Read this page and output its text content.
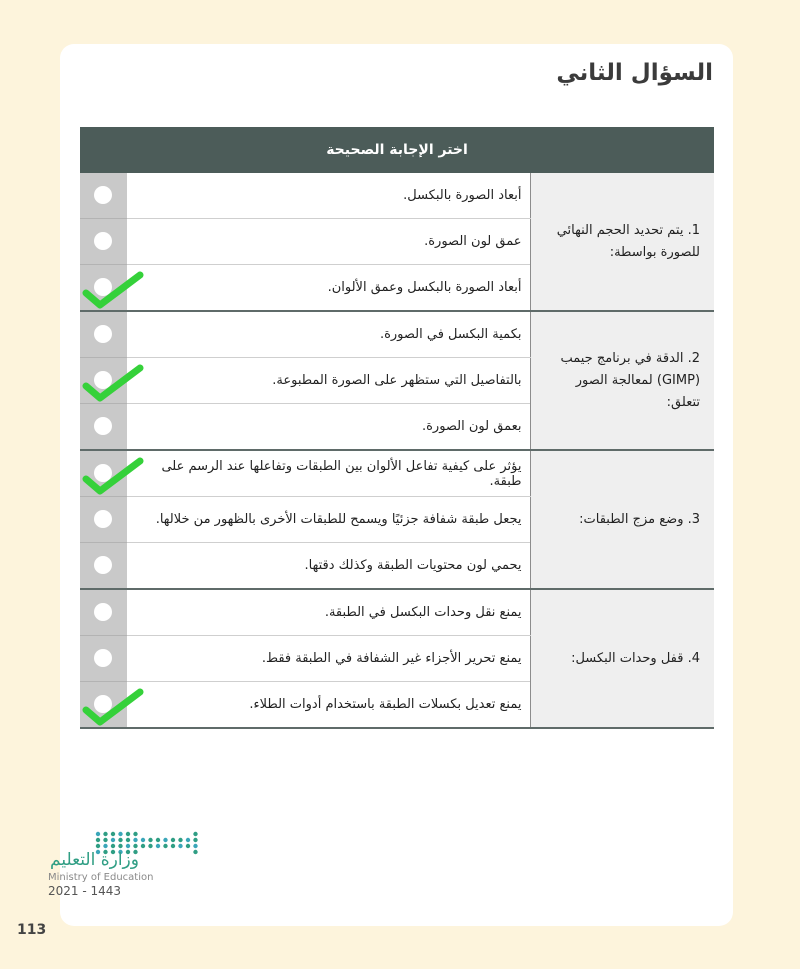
السؤال الثاني
اختر الإجابة الصحيحة		

	أبعاد الصورة بالبكسل.	1. يتم تحديد الحجم النهائي للصورة بواسطة:

	عمق لون الصورة.	

	أبعاد الصورة بالبكسل وعمق الألوان.	

	بكمية البكسل في الصورة.	2. الدقة في برنامج جيمب (GIMP) لمعالجة الصور تتعلق:

	بالتفاصيل التي ستظهر على الصورة المطبوعة.	

	بعمق لون الصورة.	

	يؤثر على كيفية تفاعل الألوان بين الطبقات وتفاعلها عند الرسم على طبقة.	3. وضع مزج الطبقات:

	يجعل طبقة شفافة جزئيًا ويسمح للطبقات الأخرى بالظهور من خلالها.	

	يحمي لون محتويات الطبقة وكذلك دقتها.	

	يمنع نقل وحدات البكسل في الطبقة.	4. قفل وحدات البكسل:

	يمنع تحرير الأجزاء غير الشفافة في الطبقة فقط.	

	يمنع تعديل بكسلات الطبقة باستخدام أدوات الطلاء.	

وزارة التعليم

Ministry of Education

2021 - 1443

113
